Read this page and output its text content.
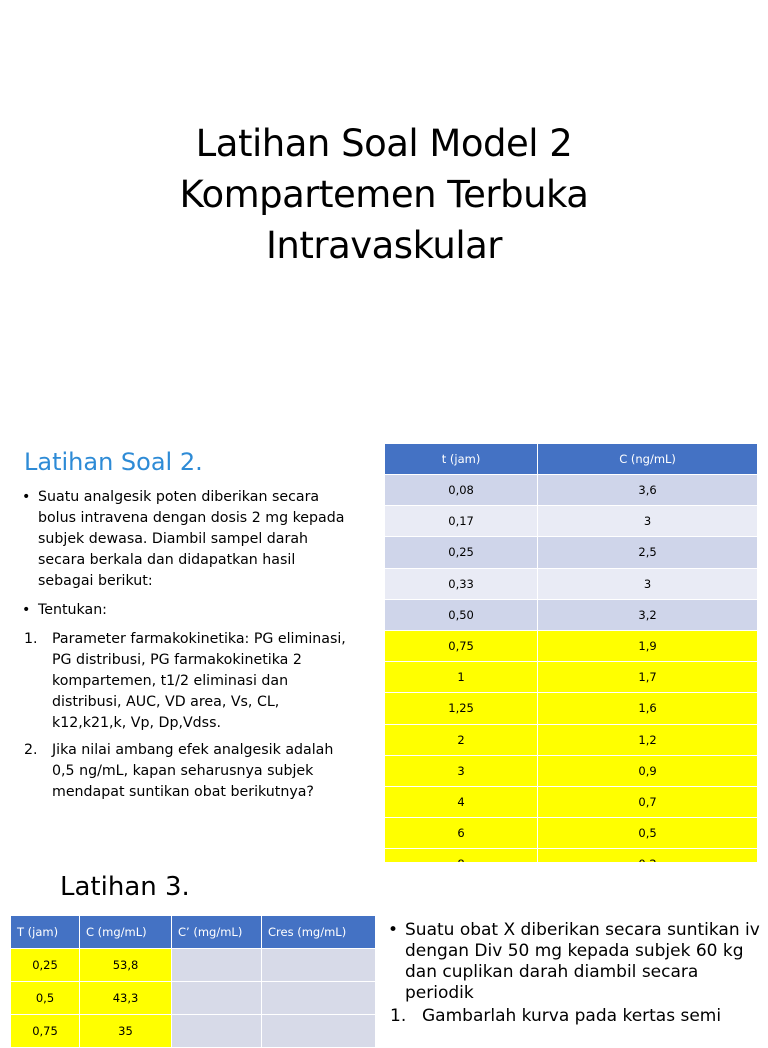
Latihan Soal Model 2
Kompartemen Terbuka
Intravaskular
Latihan Soal 2.
• Suatu analgesik poten diberikan secara bolus intravena dengan dosis 2 mg kepada subjek dewasa. Diambil sampel darah secara berkala dan didapatkan hasil sebagai berikut:
• Tentukan:
1. Parameter farmakokinetika: PG eliminasi, PG distribusi, PG farmakokinetika 2 kompartemen, t1/2 eliminasi dan distribusi, AUC, VD area, Vs, CL, k12,k21,k, Vp, Dp,Vdss.
2. Jika nilai ambang efek analgesik adalah 0,5 ng/mL, kapan seharusnya subjek mendapat suntikan obat berikutnya?
t (jam)	C (ng/mL)
0,08	3,6
0,17	3
0,25	2,5
0,33	3
0,50	3,2
0,75	1,9
1	1,7
1,25	1,6
2	1,2
3	0,9
4	0,7
6	0,5

Latihan 3.
T (jam)	C (mg/mL)	C’ (mg/mL)	Cres (mg/mL)
0,25	53,8		
0,5	43,3		
0,75	35		
• Suatu obat X diberikan secara suntikan iv dengan Div 50 mg kepada subjek 60 kg dan cuplikan darah diambil secara periodik
1. Gambarlah kurva pada kertas semi
